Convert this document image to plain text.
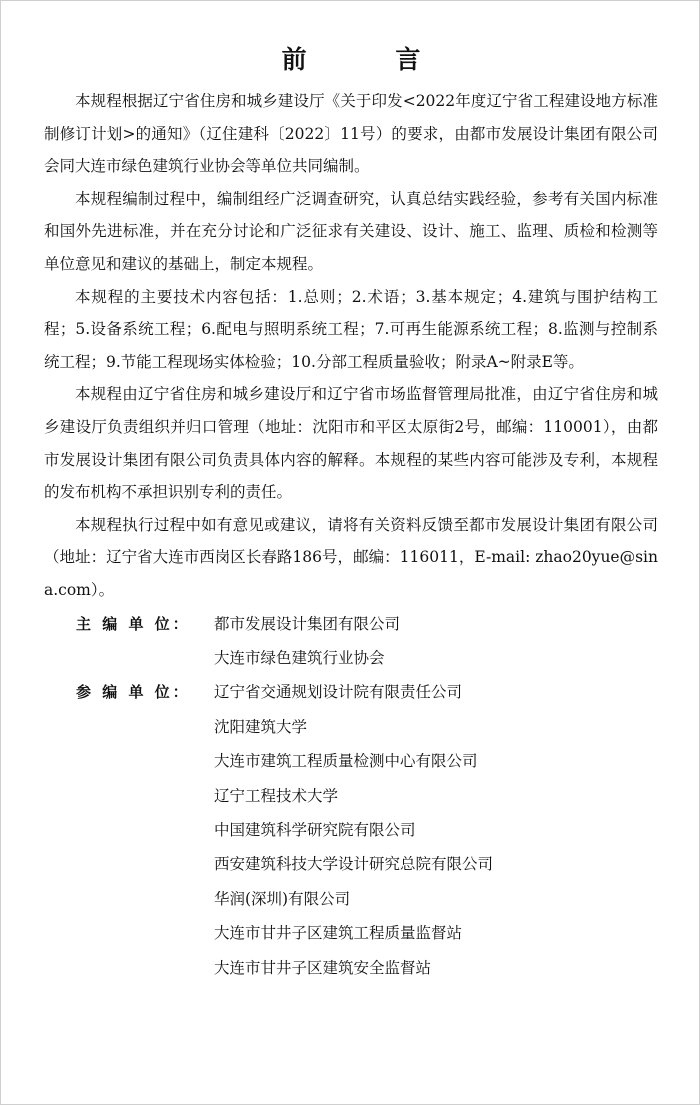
前 言

本规程根据辽宁省住房和城乡建设厅《关于印发<2022年度辽宁省工程建设地方标准制修订计划>的通知》（辽住建科〔2022〕11号）的要求，由都市发展设计集团有限公司会同大连市绿色建筑行业协会等单位共同编制。

本规程编制过程中，编制组经广泛调查研究，认真总结实践经验，参考有关国内标准和国外先进标准，并在充分讨论和广泛征求有关建设、设计、施工、监理、质检和检测等单位意见和建议的基础上，制定本规程。

本规程的主要技术内容包括：1.总则；2.术语；3.基本规定；4.建筑与围护结构工程；5.设备系统工程；6.配电与照明系统工程；7.可再生能源系统工程；8.监测与控制系统工程；9.节能工程现场实体检验；10.分部工程质量验收；附录A~附录E等。

本规程由辽宁省住房和城乡建设厅和辽宁省市场监督管理局批准，由辽宁省住房和城乡建设厅负责组织并归口管理（地址：沈阳市和平区太原街2号，邮编：110001），由都市发展设计集团有限公司负责具体内容的解释。本规程的某些内容可能涉及专利，本规程的发布机构不承担识别专利的责任。

本规程执行过程中如有意见或建议，请将有关资料反馈至都市发展设计集团有限公司（地址：辽宁省大连市西岗区长春路186号，邮编：116011，E-mail: zhao20yue@sina.com）。

主 编 单 位：	都市发展设计集团有限公司
大连市绿色建筑行业协会
参 编 单 位：	辽宁省交通规划设计院有限责任公司
沈阳建筑大学
大连市建筑工程质量检测中心有限公司
辽宁工程技术大学
中国建筑科学研究院有限公司
西安建筑科技大学设计研究总院有限公司
华润(深圳)有限公司
大连市甘井子区建筑工程质量监督站
大连市甘井子区建筑安全监督站
